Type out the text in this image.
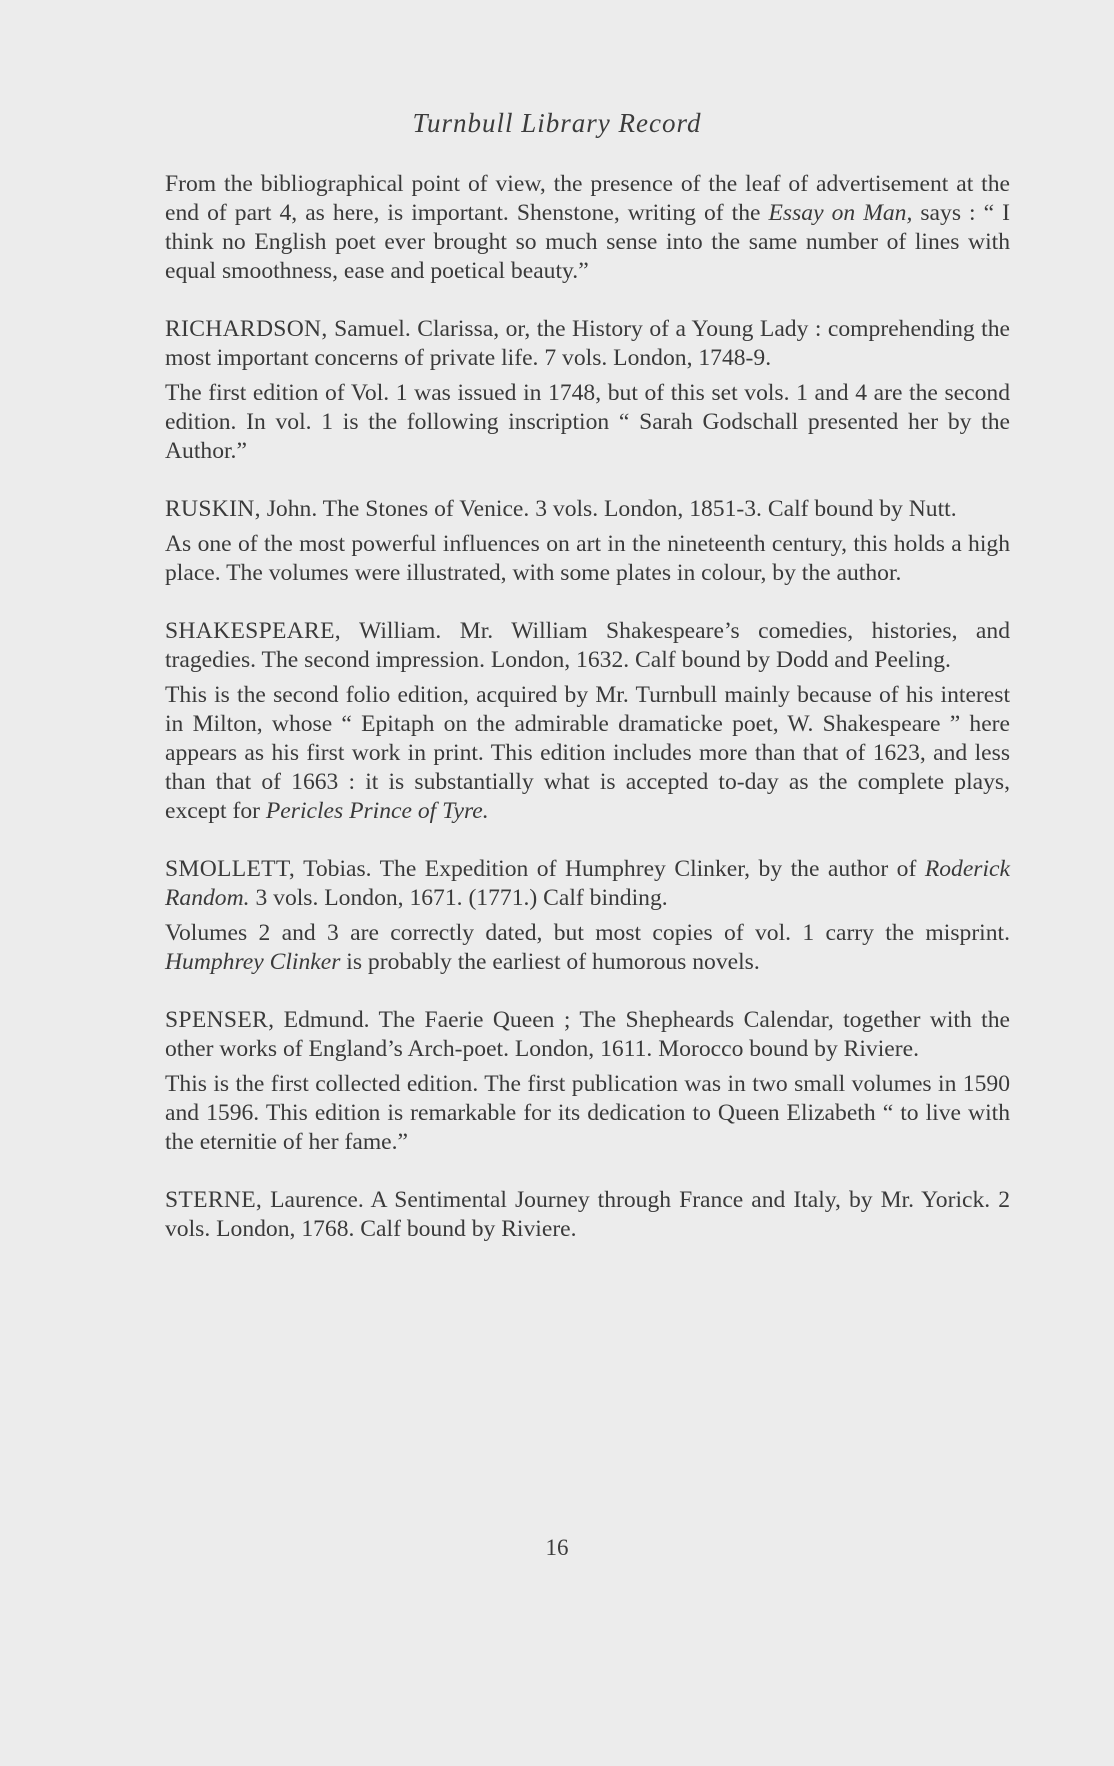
Turnbull Library Record

From the bibliographical point of view, the presence of the leaf of advertisement at the end of part 4, as here, is important. Shenstone, writing of the Essay on Man, says : “ I think no English poet ever brought so much sense into the same number of lines with equal smoothness, ease and poetical beauty.”

RICHARDSON, Samuel. Clarissa, or, the History of a Young Lady : comprehending the most important concerns of private life. 7 vols. London, 1748-9.

The first edition of Vol. 1 was issued in 1748, but of this set vols. 1 and 4 are the second edition. In vol. 1 is the following inscription “ Sarah Godschall presented her by the Author.”

RUSKIN, John. The Stones of Venice. 3 vols. London, 1851-3. Calf bound by Nutt.

As one of the most powerful influences on art in the nineteenth century, this holds a high place. The volumes were illustrated, with some plates in colour, by the author.

SHAKESPEARE, William. Mr. William Shakespeare’s comedies, histories, and tragedies. The second impression. London, 1632. Calf bound by Dodd and Peeling.

This is the second folio edition, acquired by Mr. Turnbull mainly because of his interest in Milton, whose “ Epitaph on the admirable dramaticke poet, W. Shakespeare ” here appears as his first work in print. This edition includes more than that of 1623, and less than that of 1663 : it is substantially what is accepted to-day as the complete plays, except for Pericles Prince of Tyre.

SMOLLETT, Tobias. The Expedition of Humphrey Clinker, by the author of Roderick Random. 3 vols. London, 1671. (1771.) Calf binding.

Volumes 2 and 3 are correctly dated, but most copies of vol. 1 carry the misprint. Humphrey Clinker is probably the earliest of humorous novels.

SPENSER, Edmund. The Faerie Queen ; The Shepheards Calendar, together with the other works of England’s Arch-poet. London, 1611. Morocco bound by Riviere.

This is the first collected edition. The first publication was in two small volumes in 1590 and 1596. This edition is remarkable for its dedication to Queen Elizabeth “ to live with the eternitie of her fame.”

STERNE, Laurence. A Sentimental Journey through France and Italy, by Mr. Yorick. 2 vols. London, 1768. Calf bound by Riviere.

16
